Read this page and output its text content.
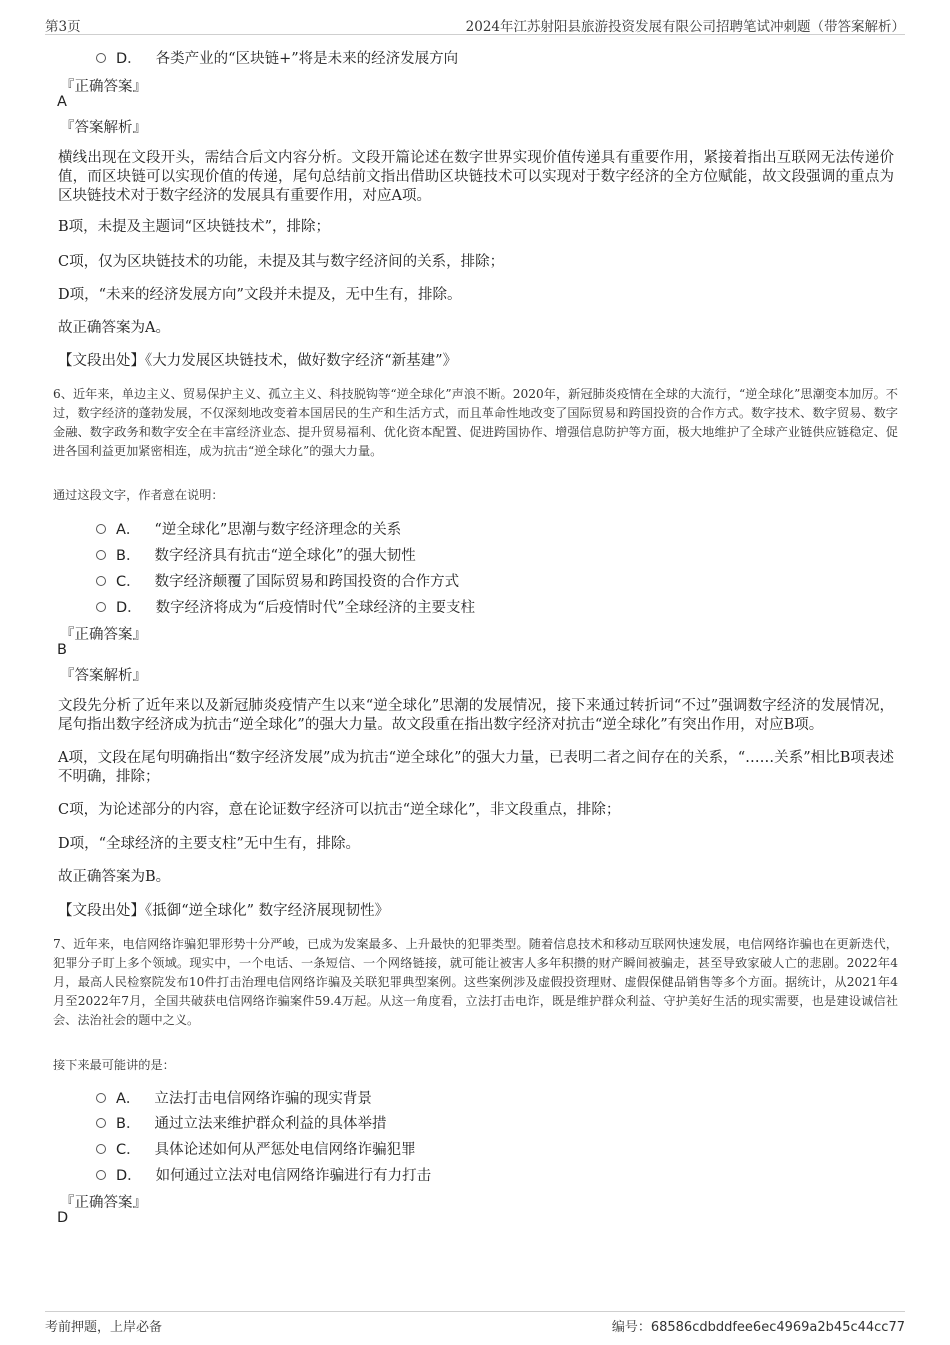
第3页	2024年江苏射阳县旅游投资发展有限公司招聘笔试冲刺题（带答案解析）
D． 各类产业的“区块链+”将是未来的经济发展方向
『正确答案』
A
『答案解析』
横线出现在文段开头，需结合后文内容分析。文段开篇论述在数字世界实现价值传递具有重要作用，紧接着指出互联网无法传递价值，而区块链可以实现价值的传递，尾句总结前文指出借助区块链技术可以实现对于数字经济的全方位赋能，故文段强调的重点为区块链技术对于数字经济的发展具有重要作用，对应A项。
B项，未提及主题词“区块链技术”，排除；
C项，仅为区块链技术的功能，未提及其与数字经济间的关系，排除；
D项，“未来的经济发展方向”文段并未提及，无中生有，排除。
故正确答案为A。
【文段出处】《大力发展区块链技术，做好数字经济“新基建”》
6、近年来，单边主义、贸易保护主义、孤立主义、科技脱钩等“逆全球化”声浪不断。2020年，新冠肺炎疫情在全球的大流行，“逆全球化”思潮变本加厉。不过，数字经济的蓬勃发展，不仅深刻地改变着本国居民的生产和生活方式，而且革命性地改变了国际贸易和跨国投资的合作方式。数字技术、数字贸易、数字金融、数字政务和数字安全在丰富经济业态、提升贸易福利、优化资本配置、促进跨国协作、增强信息防护等方面，极大地维护了全球产业链供应链稳定、促进各国利益更加紧密相连，成为抗击“逆全球化”的强大力量。
通过这段文字，作者意在说明：
A． “逆全球化”思潮与数字经济理念的关系
B． 数字经济具有抗击“逆全球化”的强大韧性
C． 数字经济颠覆了国际贸易和跨国投资的合作方式
D． 数字经济将成为“后疫情时代”全球经济的主要支柱
『正确答案』
B
『答案解析』
文段先分析了近年来以及新冠肺炎疫情产生以来“逆全球化”思潮的发展情况，接下来通过转折词“不过”强调数字经济的发展情况，尾句指出数字经济成为抗击“逆全球化”的强大力量。故文段重在指出数字经济对抗击“逆全球化”有突出作用，对应B项。
A项，文段在尾句明确指出“数字经济发展”成为抗击“逆全球化”的强大力量，已表明二者之间存在的关系，“……关系”相比B项表述不明确，排除；
C项，为论述部分的内容，意在论证数字经济可以抗击“逆全球化”，非文段重点，排除；
D项，“全球经济的主要支柱”无中生有，排除。
故正确答案为B。
【文段出处】《抵御“逆全球化” 数字经济展现韧性》
7、近年来，电信网络诈骗犯罪形势十分严峻，已成为发案最多、上升最快的犯罪类型。随着信息技术和移动互联网快速发展，电信网络诈骗也在更新迭代，犯罪分子盯上多个领域。现实中，一个电话、一条短信、一个网络链接，就可能让被害人多年积攒的财产瞬间被骗走，甚至导致家破人亡的悲剧。2022年4月，最高人民检察院发布10件打击治理电信网络诈骗及关联犯罪典型案例。这些案例涉及虚假投资理财、虚假保健品销售等多个方面。据统计，从2021年4月至2022年7月，全国共破获电信网络诈骗案件59.4万起。从这一角度看，立法打击电诈，既是维护群众利益、守护美好生活的现实需要，也是建设诚信社会、法治社会的题中之义。
接下来最可能讲的是：
A． 立法打击电信网络诈骗的现实背景
B． 通过立法来维护群众利益的具体举措
C． 具体论述如何从严惩处电信网络诈骗犯罪
D． 如何通过立法对电信网络诈骗进行有力打击
『正确答案』
D
考前押题，上岸必备	编号：68586cdbddfee6ec4969a2b45c44cc77
